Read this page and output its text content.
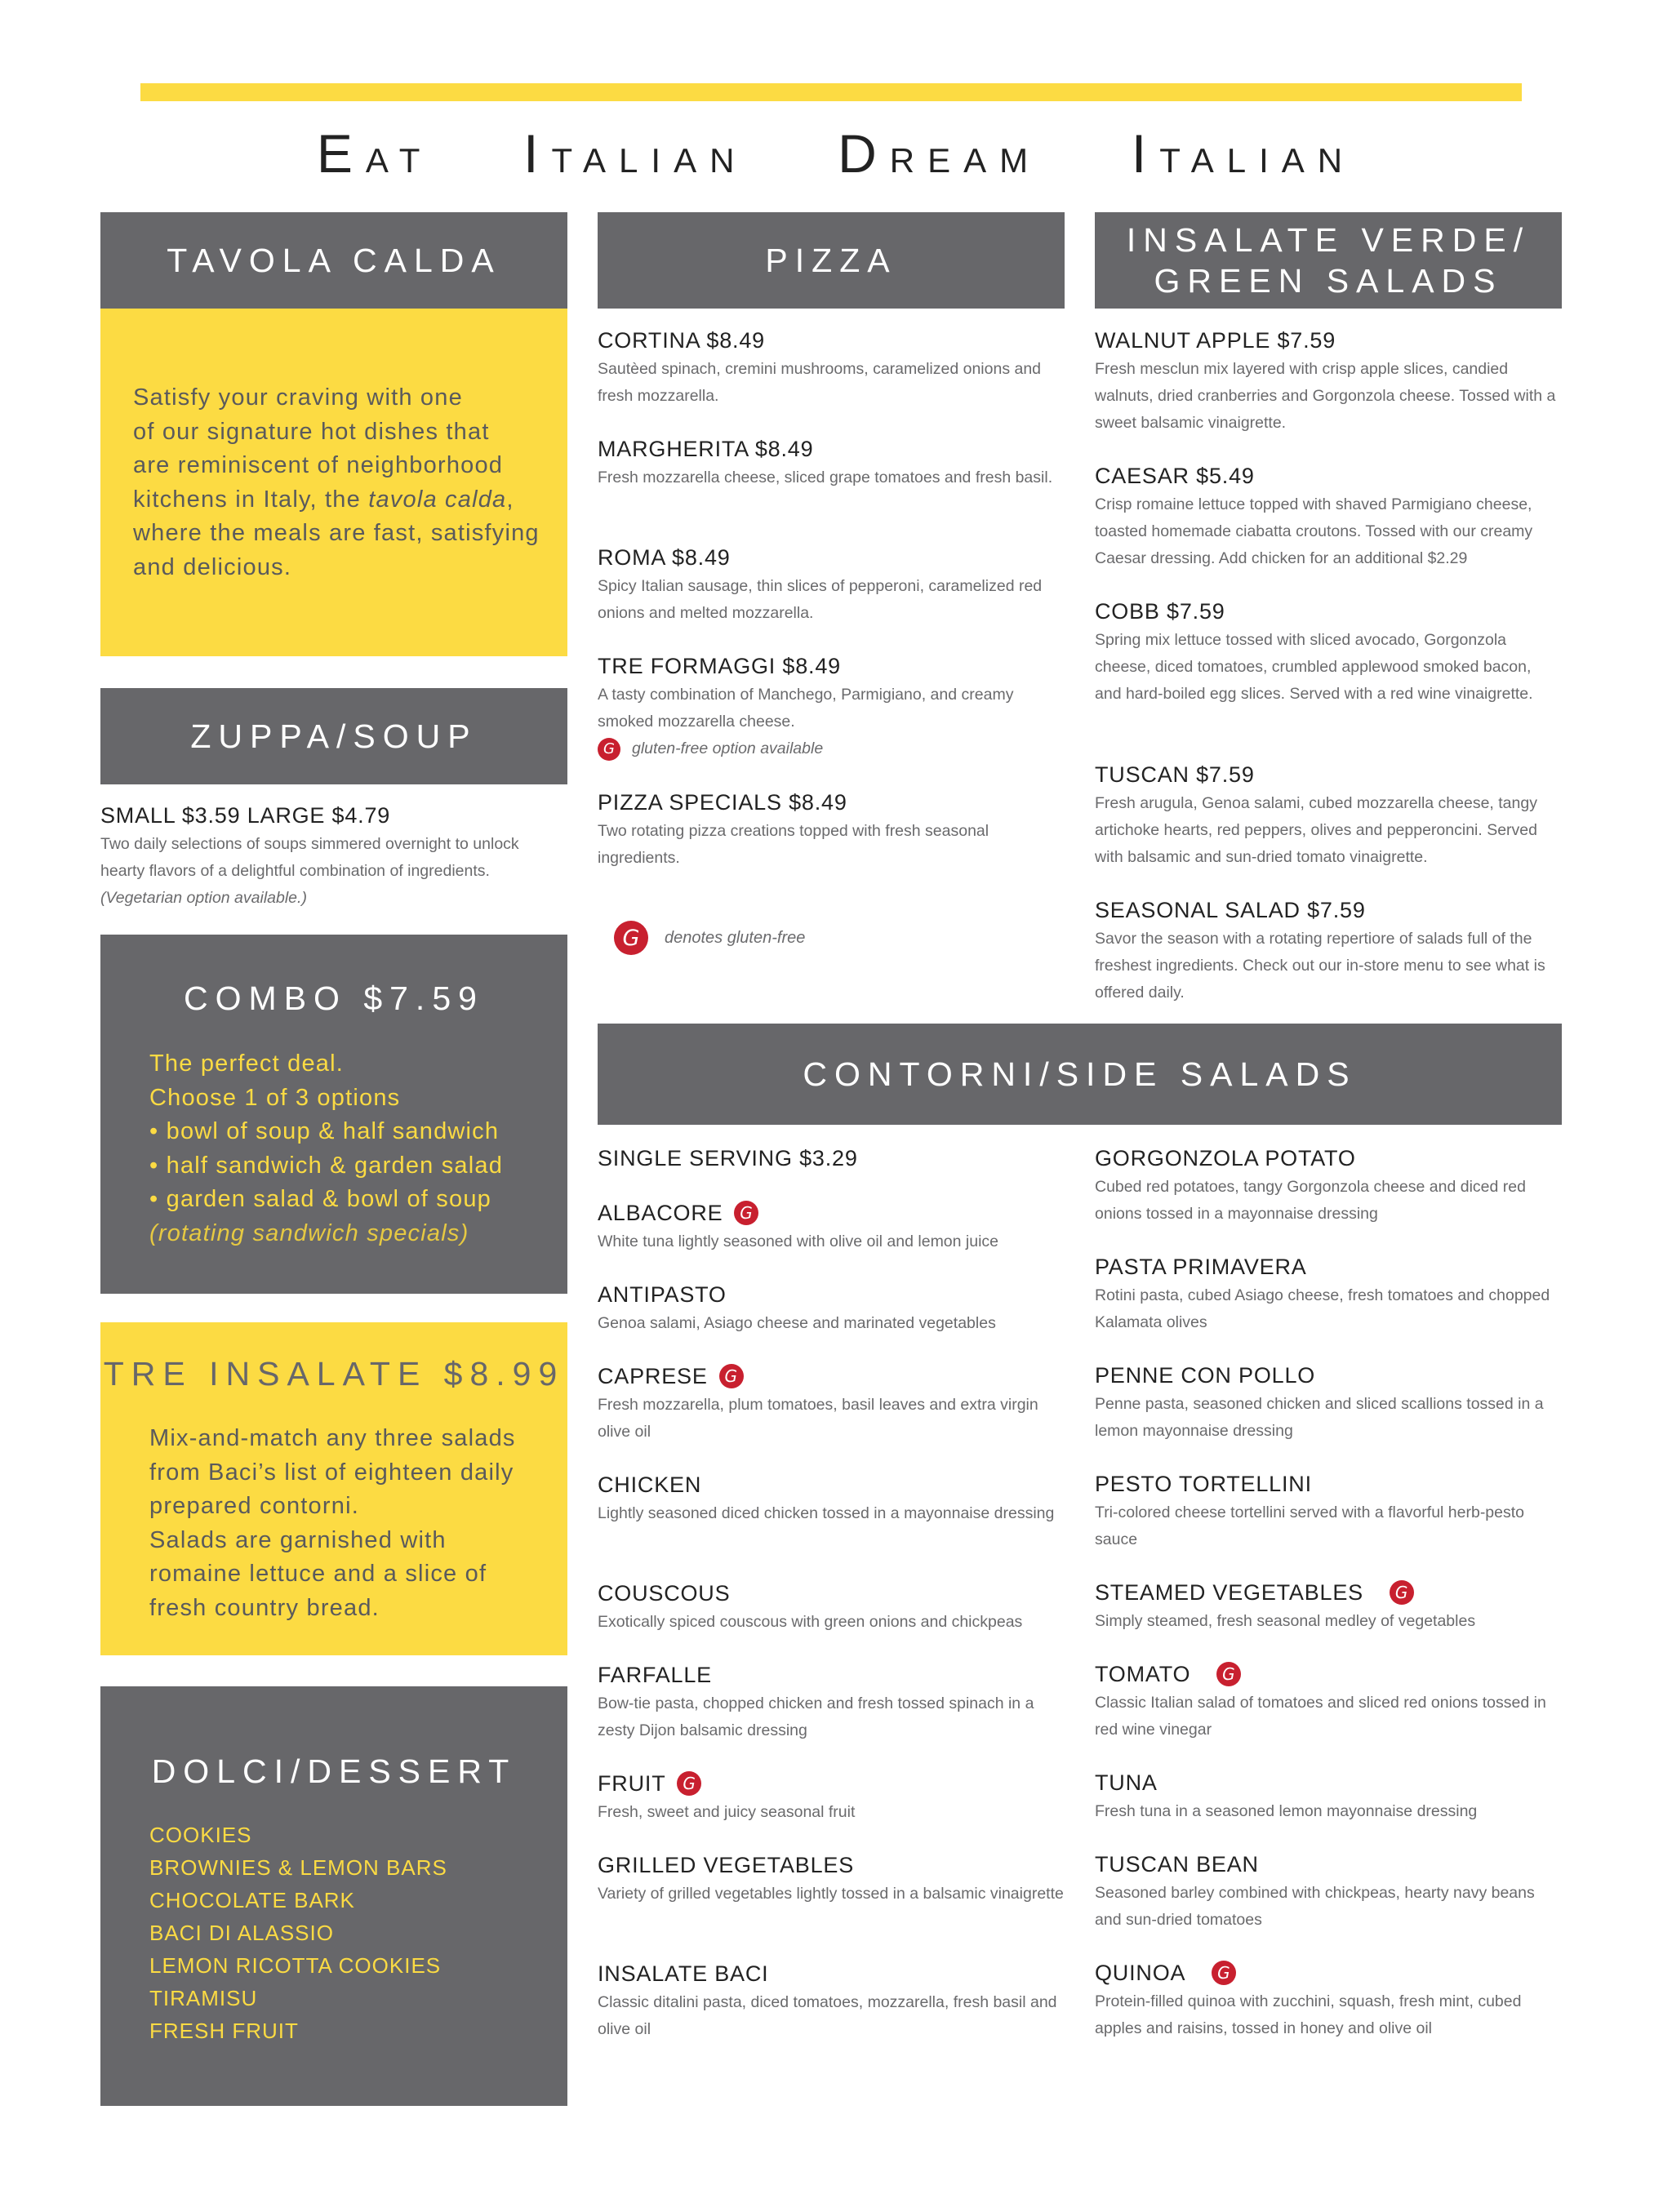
EAT ITALIAN DREAM ITALIAN
TAVOLA CALDA
Satisfy your craving with one
of our signature hot dishes that
are reminiscent of neighborhood
kitchens in Italy, the tavola calda,
where the meals are fast, satisfying
and delicious.
ZUPPA/SOUP
SMALL $3.59 LARGE $4.79
Two daily selections of soups simmered overnight to unlock hearty flavors of a delightful combination of ingredients.
(Vegetarian option available.)
COMBO $7.59
The perfect deal.
Choose 1 of 3 options
• bowl of soup & half sandwich
• half sandwich & garden salad
• garden salad & bowl of soup
(rotating sandwich specials)
TRE INSALATE $8.99
Mix-and-match any three salads
from Baci’s list of eighteen daily
prepared contorni.
Salads are garnished with
romaine lettuce and a slice of
fresh country bread.
DOLCI/DESSERT
COOKIES
BROWNIES & LEMON BARS
CHOCOLATE BARK
BACI DI ALASSIO
LEMON RICOTTA COOKIES
TIRAMISU
FRESH FRUIT
PIZZA
CORTINA $8.49
Sautèed spinach, cremini mushrooms, caramelized onions and fresh mozzarella.
MARGHERITA $8.49
Fresh mozzarella cheese, sliced grape tomatoes and fresh basil.
ROMA $8.49
Spicy Italian sausage, thin slices of pepperoni, caramelized red onions and melted mozzarella.
TRE FORMAGGI $8.49
A tasty combination of Manchego, Parmigiano, and creamy smoked mozzarella cheese.
G	gluten-free option available
PIZZA SPECIALS $8.49
Two rotating pizza creations topped with fresh seasonal ingredients.
G	denotes gluten-free
INSALATE VERDE/
GREEN SALADS
WALNUT APPLE $7.59
Fresh mesclun mix layered with crisp apple slices, candied walnuts, dried cranberries and Gorgonzola cheese. Tossed with a sweet balsamic vinaigrette.
CAESAR $5.49
Crisp romaine lettuce topped with shaved Parmigiano cheese, toasted homemade ciabatta croutons. Tossed with our creamy Caesar dressing. Add chicken for an additional $2.29
COBB $7.59
Spring mix lettuce tossed with sliced avocado, Gorgonzola cheese, diced tomatoes, crumbled applewood smoked bacon, and hard-boiled egg slices. Served with a red wine vinaigrette.
TUSCAN $7.59
Fresh arugula, Genoa salami, cubed mozzarella cheese, tangy artichoke hearts, red peppers, olives and pepperoncini. Served with balsamic and sun-dried tomato vinaigrette.
SEASONAL SALAD $7.59
Savor the season with a rotating repertiore of salads full of the freshest ingredients. Check out our in-store menu to see what is offered daily.
CONTORNI/SIDE SALADS
SINGLE SERVING $3.29
ALBACORE	G
White tuna lightly seasoned with olive oil and lemon juice
ANTIPASTO
Genoa salami, Asiago cheese and marinated vegetables
CAPRESE	G
Fresh mozzarella, plum tomatoes, basil leaves and extra virgin olive oil
CHICKEN
Lightly seasoned diced chicken tossed in a mayonnaise dressing
COUSCOUS
Exotically spiced couscous with green onions and chickpeas
FARFALLE
Bow-tie pasta, chopped chicken and fresh tossed spinach in a zesty Dijon balsamic dressing
FRUIT	G
Fresh, sweet and juicy seasonal fruit
GRILLED VEGETABLES
Variety of grilled vegetables lightly tossed in a balsamic vinaigrette
INSALATE BACI
Classic ditalini pasta, diced tomatoes, mozzarella, fresh basil and olive oil
GORGONZOLA POTATO
Cubed red potatoes, tangy Gorgonzola cheese and diced red onions tossed in a mayonnaise dressing
PASTA PRIMAVERA
Rotini pasta, cubed Asiago cheese, fresh tomatoes and chopped Kalamata olives
PENNE CON POLLO
Penne pasta, seasoned chicken and sliced scallions tossed in a lemon mayonnaise dressing
PESTO TORTELLINI
Tri-colored cheese tortellini served with a flavorful herb-pesto sauce
STEAMED VEGETABLES	G
Simply steamed, fresh seasonal medley of vegetables
TOMATO	G
Classic Italian salad of tomatoes and sliced red onions tossed in red wine vinegar
TUNA
Fresh tuna in a seasoned lemon mayonnaise dressing
TUSCAN BEAN
Seasoned barley combined with chickpeas, hearty navy beans and sun-dried tomatoes
QUINOA	G
Protein-filled quinoa with zucchini, squash, fresh mint, cubed apples and raisins, tossed in honey and olive oil
